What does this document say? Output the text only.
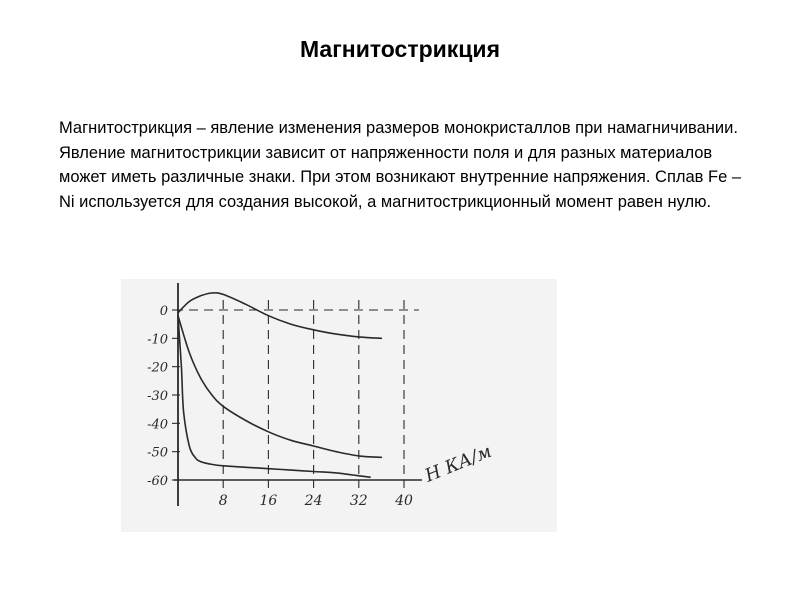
Магнитострикция
Магнитострикция – явление изменения размеров монокристаллов при намагничивании. Явление магнитострикции зависит от напряженности поля и для разных материалов может иметь различные знаки. При этом возникают внутренние напряжения. Сплав Fe – Ni используется для создания высокой, а магнитострикционный момент равен нулю.
0
-10
-20
-30
-40
-50
-60
8 16 24 32 40
H КА/м
